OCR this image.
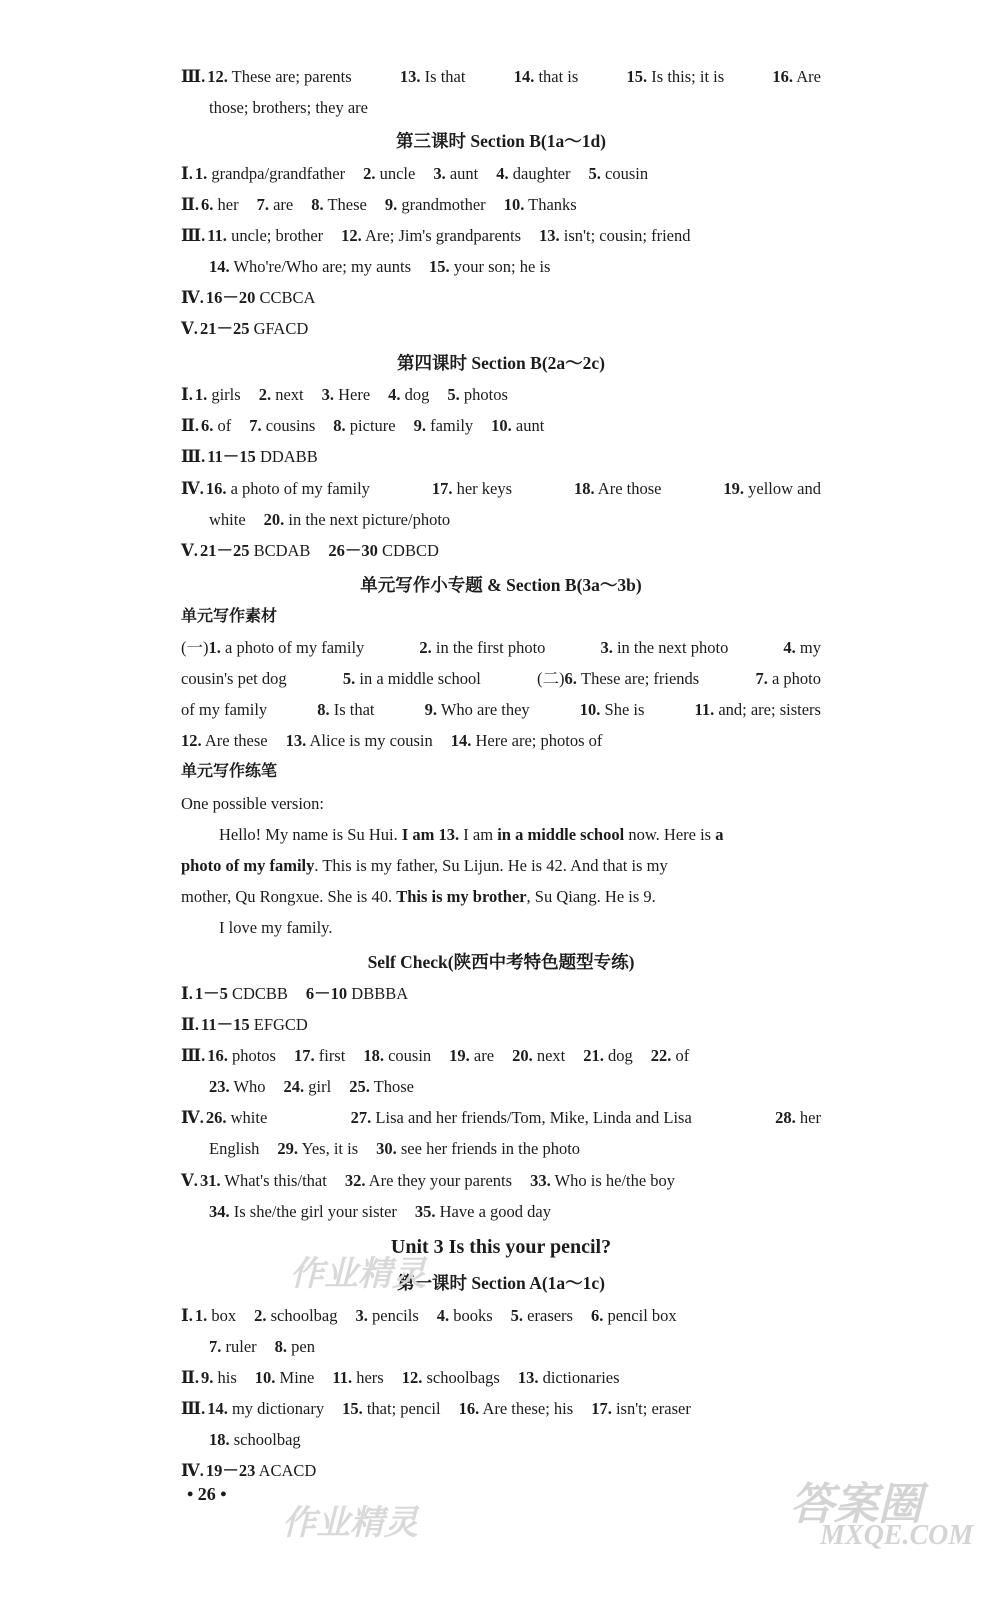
Ⅲ. 12. These are; parents	13. Is that	14. that is	15. Is this; it is	16. Are
those; brothers; they are
第三课时 Section B(1a～1d)
Ⅰ. 1. grandpa/grandfather 2. uncle 3. aunt 4. daughter 5. cousin
Ⅱ. 6. her 7. are 8. These 9. grandmother 10. Thanks
Ⅲ. 11. uncle; brother 12. Are; Jim's grandparents 13. isn't; cousin; friend
14. Who're/Who are; my aunts 15. your son; he is
Ⅳ. 16－20 CCBCA
Ⅴ. 21－25 GFACD
第四课时 Section B(2a～2c)
Ⅰ. 1. girls 2. next 3. Here 4. dog 5. photos
Ⅱ. 6. of 7. cousins 8. picture 9. family 10. aunt
Ⅲ. 11－15 DDABB
Ⅳ. 16. a photo of my family	17. her keys	18. Are those	19. yellow and
white 20. in the next picture/photo
Ⅴ. 21－25 BCDAB 26－30 CDBCD
单元写作小专题 & Section B(3a～3b)
单元写作素材
(一)1. a photo of my family	2. in the first photo	3. in the next photo	4. my
cousin's pet dog	5. in a middle school	(二)6. These are; friends	7. a photo
of my family	8. Is that	9. Who are they	10. She is	11. and; are; sisters
12. Are these 13. Alice is my cousin 14. Here are; photos of
单元写作练笔
One possible version:
Hello! My name is Su Hui. I am 13. I am in a middle school now. Here is a
photo of my family. This is my father, Su Lijun. He is 42. And that is my
mother, Qu Rongxue. She is 40. This is my brother, Su Qiang. He is 9.
I love my family.
Self Check(陕西中考特色题型专练)
Ⅰ. 1－5 CDCBB 6－10 DBBBA
Ⅱ. 11－15 EFGCD
Ⅲ. 16. photos 17. first 18. cousin 19. are 20. next 21. dog 22. of
23. Who 24. girl 25. Those
Ⅳ. 26. white	27. Lisa and her friends/Tom, Mike, Linda and Lisa	28. her
English 29. Yes, it is 30. see her friends in the photo
Ⅴ. 31. What's this/that 32. Are they your parents 33. Who is he/the boy
34. Is she/the girl your sister 35. Have a good day
Unit 3 Is this your pencil?
第一课时 Section A(1a～1c)
Ⅰ. 1. box 2. schoolbag 3. pencils 4. books 5. erasers 6. pencil box
7. ruler 8. pen
Ⅱ. 9. his 10. Mine 11. hers 12. schoolbags 13. dictionaries
Ⅲ. 14. my dictionary 15. that; pencil 16. Are these; his 17. isn't; eraser
18. schoolbag
Ⅳ. 19－23 ACACD
• 26 •
作业精灵
作业精灵	答案圈
MXQE.COM
